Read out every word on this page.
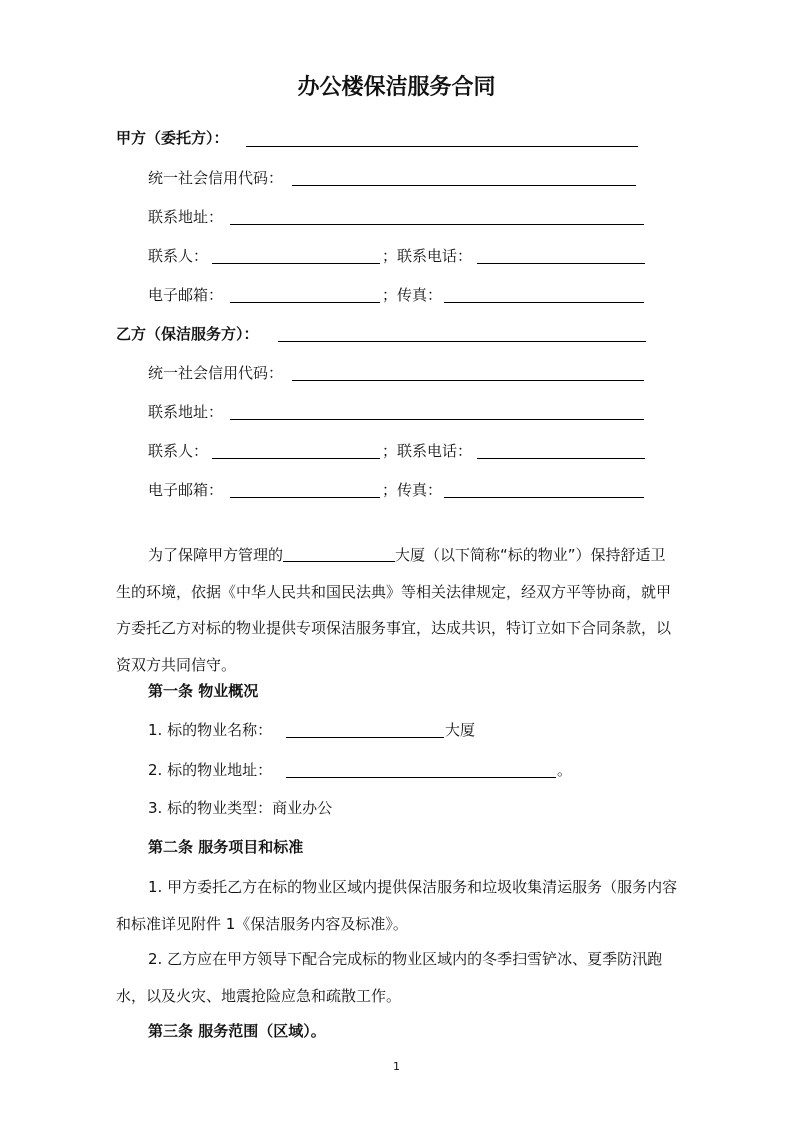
办公楼保洁服务合同
甲方（委托方）：
统一社会信用代码：
联系地址：
联系人：	；联系电话：
电子邮箱：	；传真：
乙方（保洁服务方）：
统一社会信用代码：
联系地址：
联系人：	；联系电话：
电子邮箱：	；传真：
为了保障甲方管理的	大厦（以下简称“标的物业”）保持舒适卫生的环境，依据《中华人民共和国民法典》等相关法律规定，经双方平等协商，就甲方委托乙方对标的物业提供专项保洁服务事宜，达成共识，特订立如下合同条款，以资双方共同信守。
第一条 物业概况
1. 标的物业名称：	大厦
2. 标的物业地址：	。
3. 标的物业类型：商业办公
第二条 服务项目和标准
1. 甲方委托乙方在标的物业区域内提供保洁服务和垃圾收集清运服务（服务内容和标准详见附件 1《保洁服务内容及标准》。
2. 乙方应在甲方领导下配合完成标的物业区域内的冬季扫雪铲冰、夏季防汛跑水，以及火灾、地震抢险应急和疏散工作。
第三条 服务范围（区域）。
1
